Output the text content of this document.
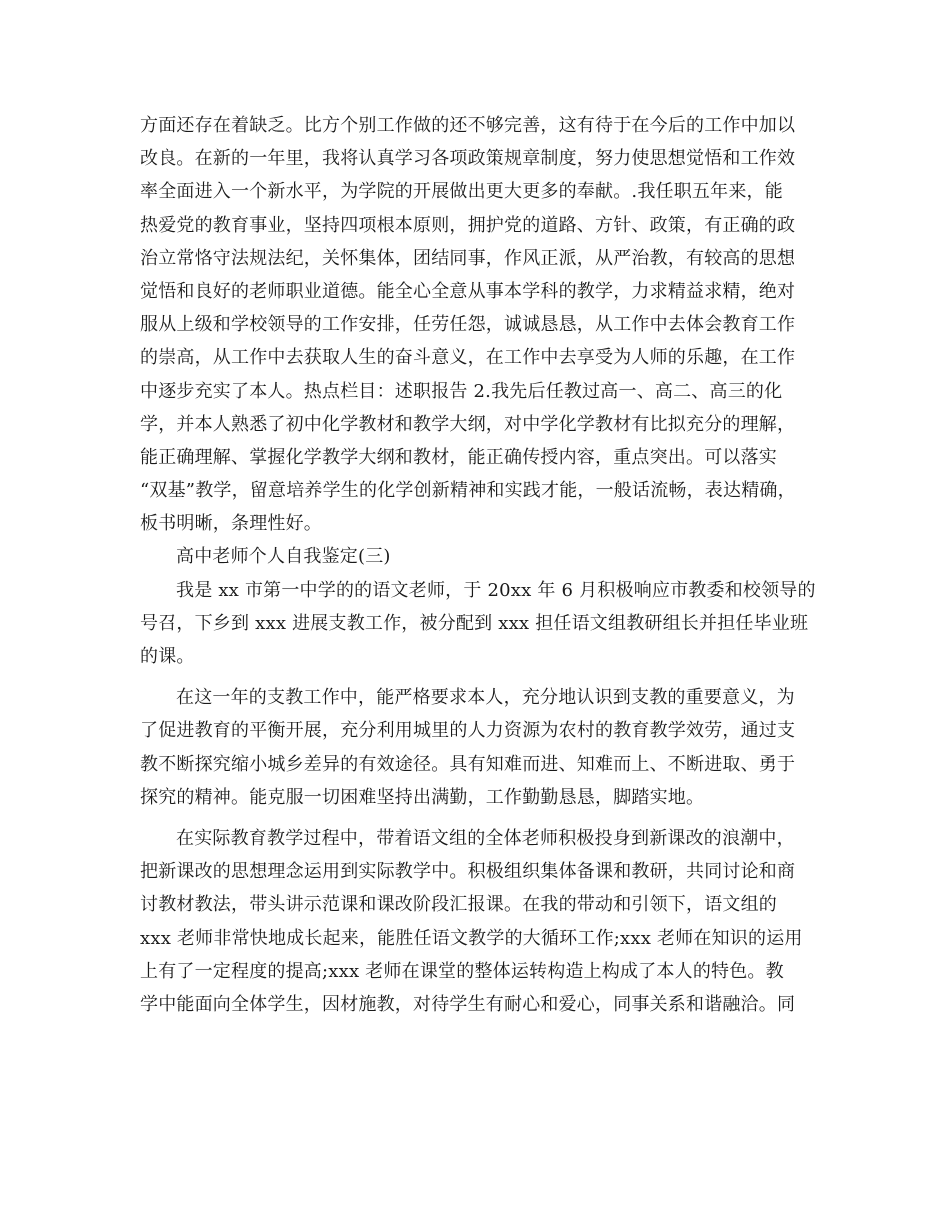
方面还存在着缺乏。比方个别工作做的还不够完善，这有待于在今后的工作中加以
改良。在新的一年里，我将认真学习各项政策规章制度，努力使思想觉悟和工作效
率全面进入一个新水平，为学院的开展做出更大更多的奉献。.我任职五年来，能
热爱党的教育事业，坚持四项根本原则，拥护党的道路、方针、政策，有正确的政
治立常恪守法规法纪，关怀集体，团结同事，作风正派，从严治教，有较高的思想
觉悟和良好的老师职业道德。能全心全意从事本学科的教学，力求精益求精，绝对
服从上级和学校领导的工作安排，任劳任怨，诚诚恳恳，从工作中去体会教育工作
的崇高，从工作中去获取人生的奋斗意义，在工作中去享受为人师的乐趣，在工作
中逐步充实了本人。热点栏目：述职报告 2.我先后任教过高一、高二、高三的化
学，并本人熟悉了初中化学教材和教学大纲，对中学化学教材有比拟充分的理解，
能正确理解、掌握化学教学大纲和教材，能正确传授内容，重点突出。可以落实
“双基”教学，留意培养学生的化学创新精神和实践才能，一般话流畅，表达精确，
板书明晰，条理性好。
高中老师个人自我鉴定(三)
我是 xx 市第一中学的的语文老师，于 20xx 年 6 月积极响应市教委和校领导的
号召，下乡到 xxx 进展支教工作，被分配到 xxx 担任语文组教研组长并担任毕业班
的课。
在这一年的支教工作中，能严格要求本人，充分地认识到支教的重要意义，为
了促进教育的平衡开展，充分利用城里的人力资源为农村的教育教学效劳，通过支
教不断探究缩小城乡差异的有效途径。具有知难而进、知难而上、不断进取、勇于
探究的精神。能克服一切困难坚持出满勤，工作勤勤恳恳，脚踏实地。
在实际教育教学过程中，带着语文组的全体老师积极投身到新课改的浪潮中，
把新课改的思想理念运用到实际教学中。积极组织集体备课和教研，共同讨论和商
讨教材教法，带头讲示范课和课改阶段汇报课。在我的带动和引领下，语文组的
xxx 老师非常快地成长起来，能胜任语文教学的大循环工作;xxx 老师在知识的运用
上有了一定程度的提高;xxx 老师在课堂的整体运转构造上构成了本人的特色。教
学中能面向全体学生，因材施教，对待学生有耐心和爱心，同事关系和谐融洽。同
